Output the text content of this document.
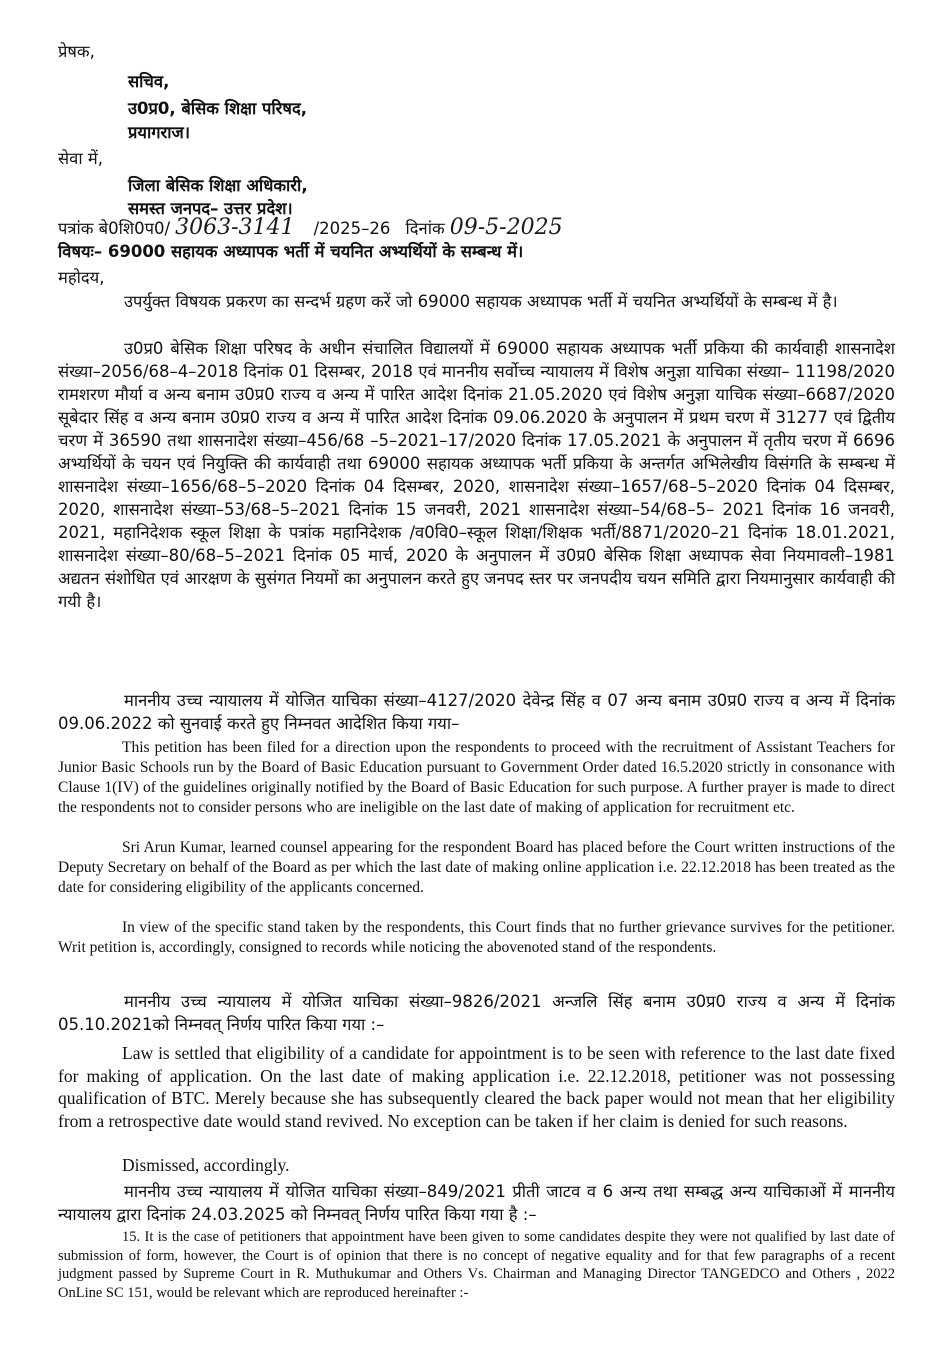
प्रेषक,
सचिव,
उ0प्र0, बेसिक शिक्षा परिषद,
प्रयागराज।
सेवा में,
जिला बेसिक शिक्षा अधिकारी,
समस्त जनपद– उत्तर प्रदेश।
पत्रांक बे0शि0प0/ 3063-3141 /2025–26 दिनांक 09-5-2025
विषयः– 69000 सहायक अध्यापक भर्ती में चयनित अभ्यर्थियों के सम्बन्ध में।
महोदय,
उपर्युक्त विषयक प्रकरण का सन्दर्भ ग्रहण करें जो 69000 सहायक अध्यापक भर्ती में चयनित अभ्यर्थियों के सम्बन्ध में है।
उ0प्र0 बेसिक शिक्षा परिषद के अधीन संचालित विद्यालयों में 69000 सहायक अध्यापक भर्ती प्रकिया की कार्यवाही शासनादेश संख्या–2056/68–4–2018 दिनांक 01 दिसम्बर, 2018 एवं माननीय सर्वोच्च न्यायालय में विशेष अनुज्ञा याचिका संख्या– 11198/2020 रामशरण मौर्या व अन्य बनाम उ0प्र0 राज्य व अन्य में पारित आदेश दिनांक 21.05.2020 एवं विशेष अनुज्ञा याचिक संख्या–6687/2020 सूबेदार सिंह व अन्य बनाम उ0प्र0 राज्य व अन्य में पारित आदेश दिनांक 09.06.2020 के अनुपालन में प्रथम चरण में 31277 एवं द्वितीय चरण में 36590 तथा शासनादेश संख्या–456/68 –5–2021–17/2020 दिनांक 17.05.2021 के अनुपालन में तृतीय चरण में 6696 अभ्यर्थियों के चयन एवं नियुक्ति की कार्यवाही तथा 69000 सहायक अध्यापक भर्ती प्रकिया के अन्तर्गत अभिलेखीय विसंगति के सम्बन्ध में शासनादेश संख्या–1656/68–5–2020 दिनांक 04 दिसम्बर, 2020, शासनादेश संख्या–1657/68–5–2020 दिनांक 04 दिसम्बर, 2020, शासनादेश संख्या–53/68–5–2021 दिनांक 15 जनवरी, 2021 शासनादेश संख्या–54/68–5– 2021 दिनांक 16 जनवरी, 2021, महानिदेशक स्कूल शिक्षा के पत्रांक महानिदेशक /व0वि0–स्कूल शिक्षा/शिक्षक भर्ती/8871/2020–21 दिनांक 18.01.2021, शासनादेश संख्या–80/68–5–2021 दिनांक 05 मार्च, 2020 के अनुपालन में उ0प्र0 बेसिक शिक्षा अध्यापक सेवा नियमावली–1981 अद्यतन संशोधित एवं आरक्षण के सुसंगत नियमों का अनुपालन करते हुए जनपद स्तर पर जनपदीय चयन समिति द्वारा नियमानुसार कार्यवाही की गयी है।
माननीय उच्च न्यायालय में योजित याचिका संख्या–4127/2020 देवेन्द्र सिंह व 07 अन्य बनाम उ0प्र0 राज्य व अन्य में दिनांक 09.06.2022 को सुनवाई करते हुए निम्नवत आदेशित किया गया–
This petition has been filed for a direction upon the respondents to proceed with the recruitment of Assistant Teachers for Junior Basic Schools run by the Board of Basic Education pursuant to Government Order dated 16.5.2020 strictly in consonance with Clause 1(IV) of the guidelines originally notified by the Board of Basic Education for such purpose. A further prayer is made to direct the respondents not to consider persons who are ineligible on the last date of making of application for recruitment etc.
Sri Arun Kumar, learned counsel appearing for the respondent Board has placed before the Court written instructions of the Deputy Secretary on behalf of the Board as per which the last date of making online application i.e. 22.12.2018 has been treated as the date for considering eligibility of the applicants concerned.
In view of the specific stand taken by the respondents, this Court finds that no further grievance survives for the petitioner. Writ petition is, accordingly, consigned to records while noticing the abovenoted stand of the respondents.
माननीय उच्च न्यायालय में योजित याचिका संख्या–9826/2021 अन्जलि सिंह बनाम उ0प्र0 राज्य व अन्य में दिनांक 05.10.2021को निम्नवत् निर्णय पारित किया गया :–
Law is settled that eligibility of a candidate for appointment is to be seen with reference to the last date fixed for making of application. On the last date of making application i.e. 22.12.2018, petitioner was not possessing qualification of BTC. Merely because she has subsequently cleared the back paper would not mean that her eligibility from a retrospective date would stand revived. No exception can be taken if her claim is denied for such reasons.
Dismissed, accordingly.
माननीय उच्च न्यायालय में योजित याचिका संख्या–849/2021 प्रीती जाटव व 6 अन्य तथा सम्बद्ध अन्य याचिकाओं में माननीय न्यायालय द्वारा दिनांक 24.03.2025 को निम्नवत् निर्णय पारित किया गया है :–
15. It is the case of petitioners that appointment have been given to some candidates despite they were not qualified by last date of submission of form, however, the Court is of opinion that there is no concept of negative equality and for that few paragraphs of a recent judgment passed by Supreme Court in R. Muthukumar and Others Vs. Chairman and Managing Director TANGEDCO and Others , 2022 OnLine SC 151, would be relevant which are reproduced hereinafter :-
